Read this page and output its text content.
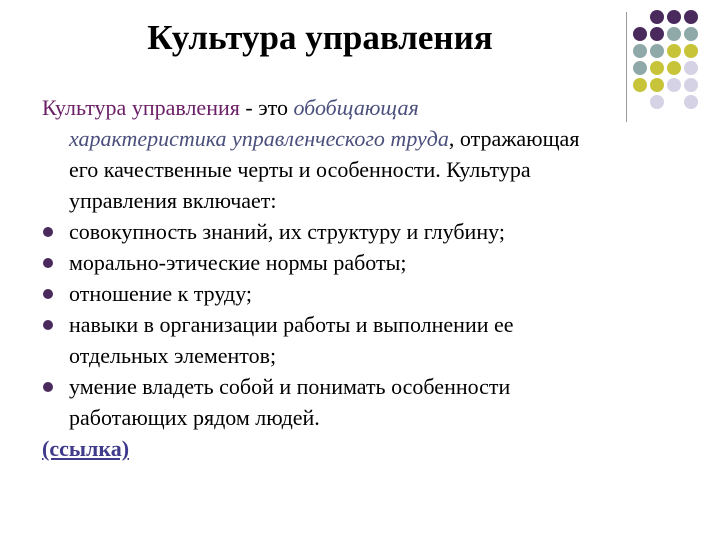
Культура управления
Культура управления - это обобщающая
характеристика управленческого труда, отражающая
его качественные черты и особенности. Культура
управления включает:
совокупность знаний, их структуру и глубину;
морально-этические нормы работы;
отношение к труду;
навыки в организации работы и выполнении ее
отдельных элементов;
умение владеть собой и понимать особенности
работающих рядом людей.
(ссылка)
